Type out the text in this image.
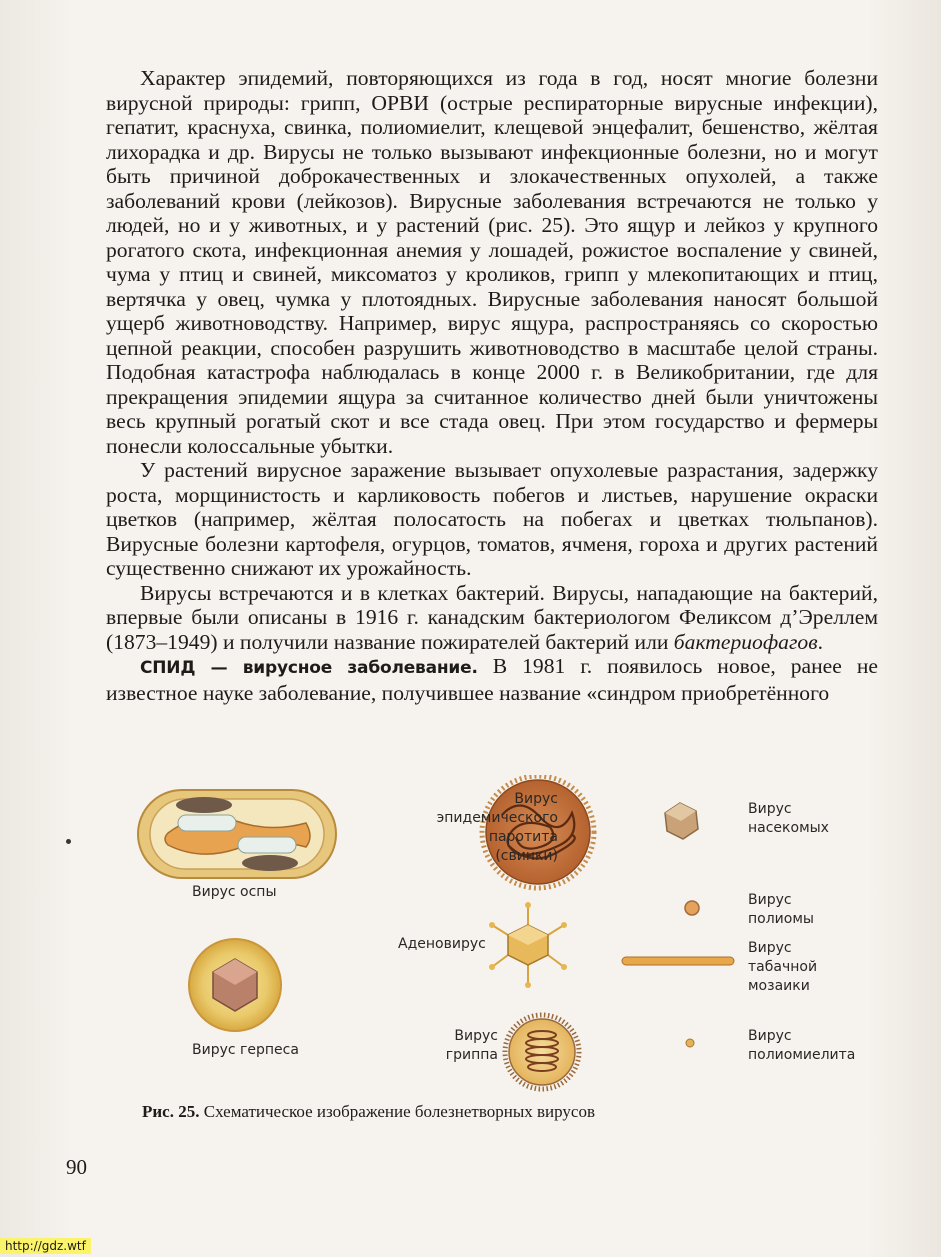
Характер эпидемий, повторяющихся из года в год, носят многие болезни вирусной природы: грипп, ОРВИ (острые респираторные вирусные инфекции), гепатит, краснуха, свинка, полиомиелит, клещевой энцефалит, бешенство, жёлтая лихорадка и др. Вирусы не только вызывают инфекционные болезни, но и могут быть причиной доброкачественных и злокачественных опухолей, а также заболеваний крови (лейкозов). Вирусные заболевания встречаются не только у людей, но и у животных, и у растений (рис. 25). Это ящур и лейкоз у крупного рогатого скота, инфекционная анемия у лошадей, рожистое воспаление у свиней, чума у птиц и свиней, миксоматоз у кроликов, грипп у млекопитающих и птиц, вертячка у овец, чумка у плотоядных. Вирусные заболевания наносят большой ущерб животноводству. Например, вирус ящура, распространяясь со скоростью цепной реакции, способен разрушить животноводство в масштабе целой страны. Подобная катастрофа наблюдалась в конце 2000 г. в Великобритании, где для прекращения эпидемии ящура за считанное количество дней были уничтожены весь крупный рогатый скот и все стада овец. При этом государство и фермеры понесли колоссальные убытки.

У растений вирусное заражение вызывает опухолевые разрастания, задержку роста, морщинистость и карликовость побегов и листьев, нарушение окраски цветков (например, жёлтая полосатость на побегах и цветках тюльпанов). Вирусные болезни картофеля, огурцов, томатов, ячменя, гороха и других растений существенно снижают их урожайность.

Вирусы встречаются и в клетках бактерий. Вирусы, нападающие на бактерий, впервые были описаны в 1916 г. канадским бактериологом Феликсом д’Эреллем (1873–1949) и получили название пожирателей бактерий или бактериофагов.

СПИД — вирусное заболевание. В 1981 г. появилось новое, ранее не известное науке заболевание, получившее название «синдром приобретённого

Вирус эпидемического паротита (свинки)
Вирус оспы
Вирус насекомых
Вирус полиомы
Аденовирус	Вирус табачной мозаики
Вирус герпеса
Вирус гриппа
Вирус полиомиелита
Рис. 25. Схематическое изображение болезнетворных вирусов
90
http://gdz.wtf
